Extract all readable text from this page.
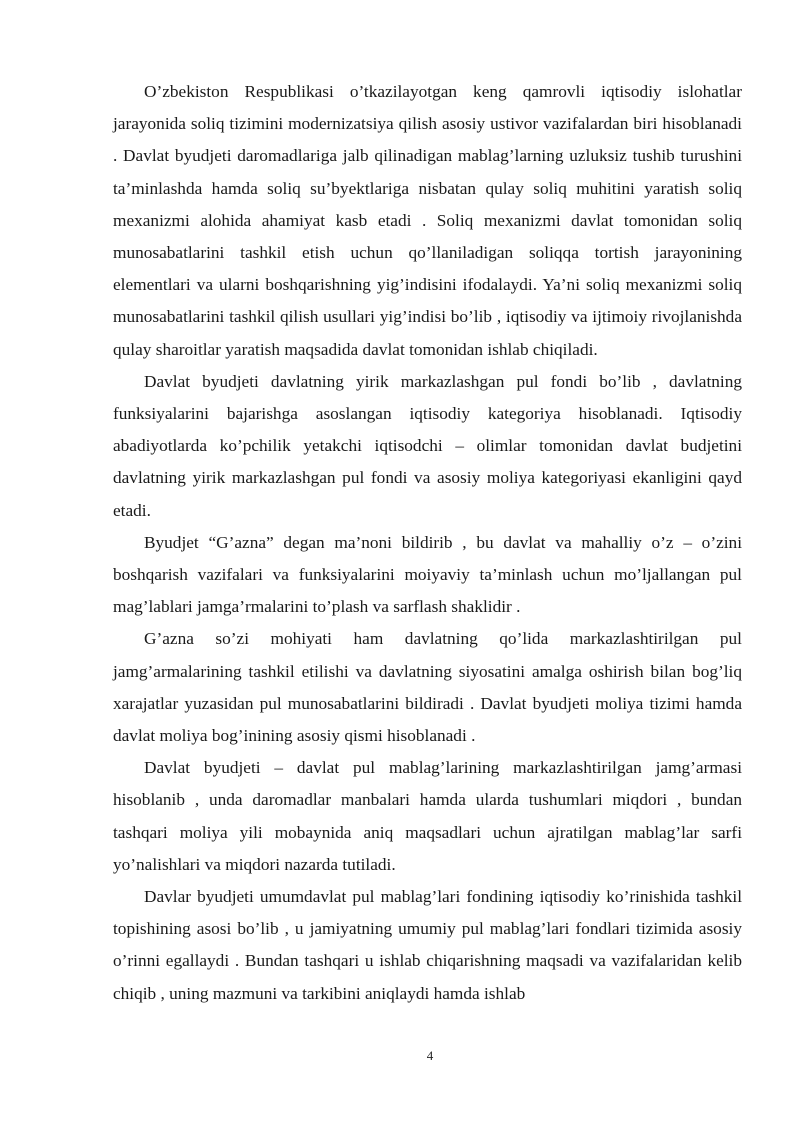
O’zbekiston Respublikasi o’tkazilayotgan keng qamrovli iqtisodiy islohatlar jarayonida soliq tizimini modernizatsiya qilish asosiy ustivor vazifalardan biri hisoblanadi . Davlat byudjeti daromadlariga jalb qilinadigan mablag’larning uzluksiz tushib turushini ta’minlashda hamda soliq su’byektlariga nisbatan qulay soliq muhitini yaratish soliq mexanizmi alohida ahamiyat kasb etadi . Soliq mexanizmi davlat tomonidan soliq munosabatlarini tashkil etish uchun qo’llaniladigan soliqqa tortish jarayonining elementlari va ularni boshqarishning yig’indisini ifodalaydi. Ya’ni soliq mexanizmi soliq munosabatlarini tashkil qilish usullari yig’indisi bo’lib , iqtisodiy va ijtimoiy rivojlanishda qulay sharoitlar yaratish maqsadida davlat tomonidan ishlab chiqiladi.

Davlat byudjeti davlatning yirik markazlashgan pul fondi bo’lib , davlatning funksiyalarini bajarishga asoslangan iqtisodiy kategoriya hisoblanadi. Iqtisodiy abadiyotlarda ko’pchilik yetakchi iqtisodchi – olimlar tomonidan davlat budjetini davlatning yirik markazlashgan pul fondi va asosiy moliya kategoriyasi ekanligini qayd etadi.

Byudjet “G’azna” degan ma’noni bildirib , bu davlat va mahalliy o’z – o’zini boshqarish vazifalari va funksiyalarini moiyaviy ta’minlash uchun mo’ljallangan pul mag’lablari jamga’rmalarini to’plash va sarflash shaklidir .

G’azna so’zi mohiyati ham davlatning qo’lida markazlashtirilgan pul jamg’armalarining tashkil etilishi va davlatning siyosatini amalga oshirish bilan bog’liq xarajatlar yuzasidan pul munosabatlarini bildiradi . Davlat byudjeti moliya tizimi hamda davlat moliya bog’inining asosiy qismi hisoblanadi .

Davlat byudjeti – davlat pul mablag’larining markazlashtirilgan jamg’armasi hisoblanib , unda daromadlar manbalari hamda ularda tushumlari miqdori , bundan tashqari moliya yili mobaynida aniq maqsadlari uchun ajratilgan mablag’lar sarfi yo’nalishlari va miqdori nazarda tutiladi.

Davlar byudjeti umumdavlat pul mablag’lari fondining iqtisodiy ko’rinishida tashkil topishining asosi bo’lib , u jamiyatning umumiy pul mablag’lari fondlari tizimida asosiy o’rinni egallaydi . Bundan tashqari u ishlab chiqarishning maqsadi va vazifalaridan kelib chiqib , uning mazmuni va tarkibini aniqlaydi hamda ishlab

4
